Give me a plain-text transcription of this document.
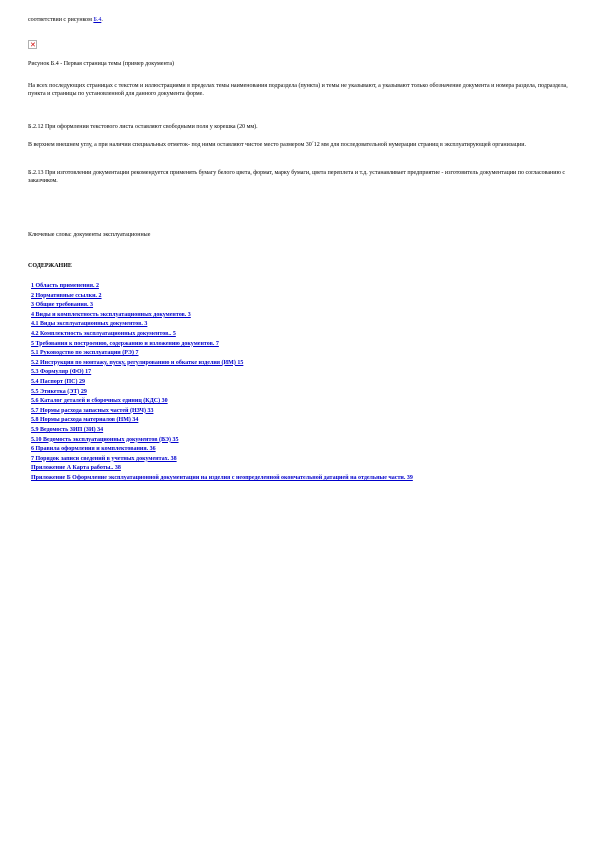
соответствии с рисунком Б.4.

✕

Рисунок Б.4 - Первая страница темы (пример документа)

На всех последующих страницах с текстом и иллюстрациями в пределах темы наименования подраздела (пункта) и темы не указывают, а указывают только обозначение документа и номера раздела, подраздела, пункта и страницы по установленной для данного документа форме.

Б.2.12 При оформлении текстового листа оставляют свободными поля у корешка (20 мм).

В верхнем внешнем углу, а при наличии специальных отметок- под ними оставляют чистое место размером 30´12 мм для последовательной нумерации страниц в эксплуатирующей организации.

Б.2.13 При изготовлении документации рекомендуется применять бумагу белого цвета, формат, марку бумаги, цвета переплета и т.д. устанавливает предприятие - изготовитель документации по согласованию с заказчиком.

Ключевые слова: документы эксплуатационные

СОДЕРЖАНИЕ

1 Область применения. 2
2 Нормативные ссылки. 2
3 Общие требования. 3
4 Виды и комплектность эксплуатационных документов. 3
4.1 Виды эксплуатационных документов. 3
4.2 Комплектность эксплуатационных документов.. 5
5 Требования к построению, содержанию и изложению документов. 7
5.1 Руководство по эксплуатации (РЭ) 7
5.2 Инструкция по монтажу, пуску, регулированию и обкатке изделия (ИМ) 15
5.3 Формуляр (ФО) 17
5.4 Паспорт (ПС) 29
5.5 Этикетка (ЭТ) 29
5.6 Каталог деталей и сборочных единиц (КДС) 30
5.7 Нормы расхода запасных частей (НЗЧ) 33
5.8 Нормы расхода материалов (НМ) 34
5.9 Ведомость ЗИП (ЗИ) 34
5.10 Ведомость эксплуатационных документов (ВЭ) 35
6 Правила оформления и комплектования. 36
7 Порядок записи сведений в учетных документах. 38
Приложение А Карта работы.. 38
Приложение Б Оформление эксплуатационной документации на изделия с неопределенной окончательной датацией на отдельные части. 39
